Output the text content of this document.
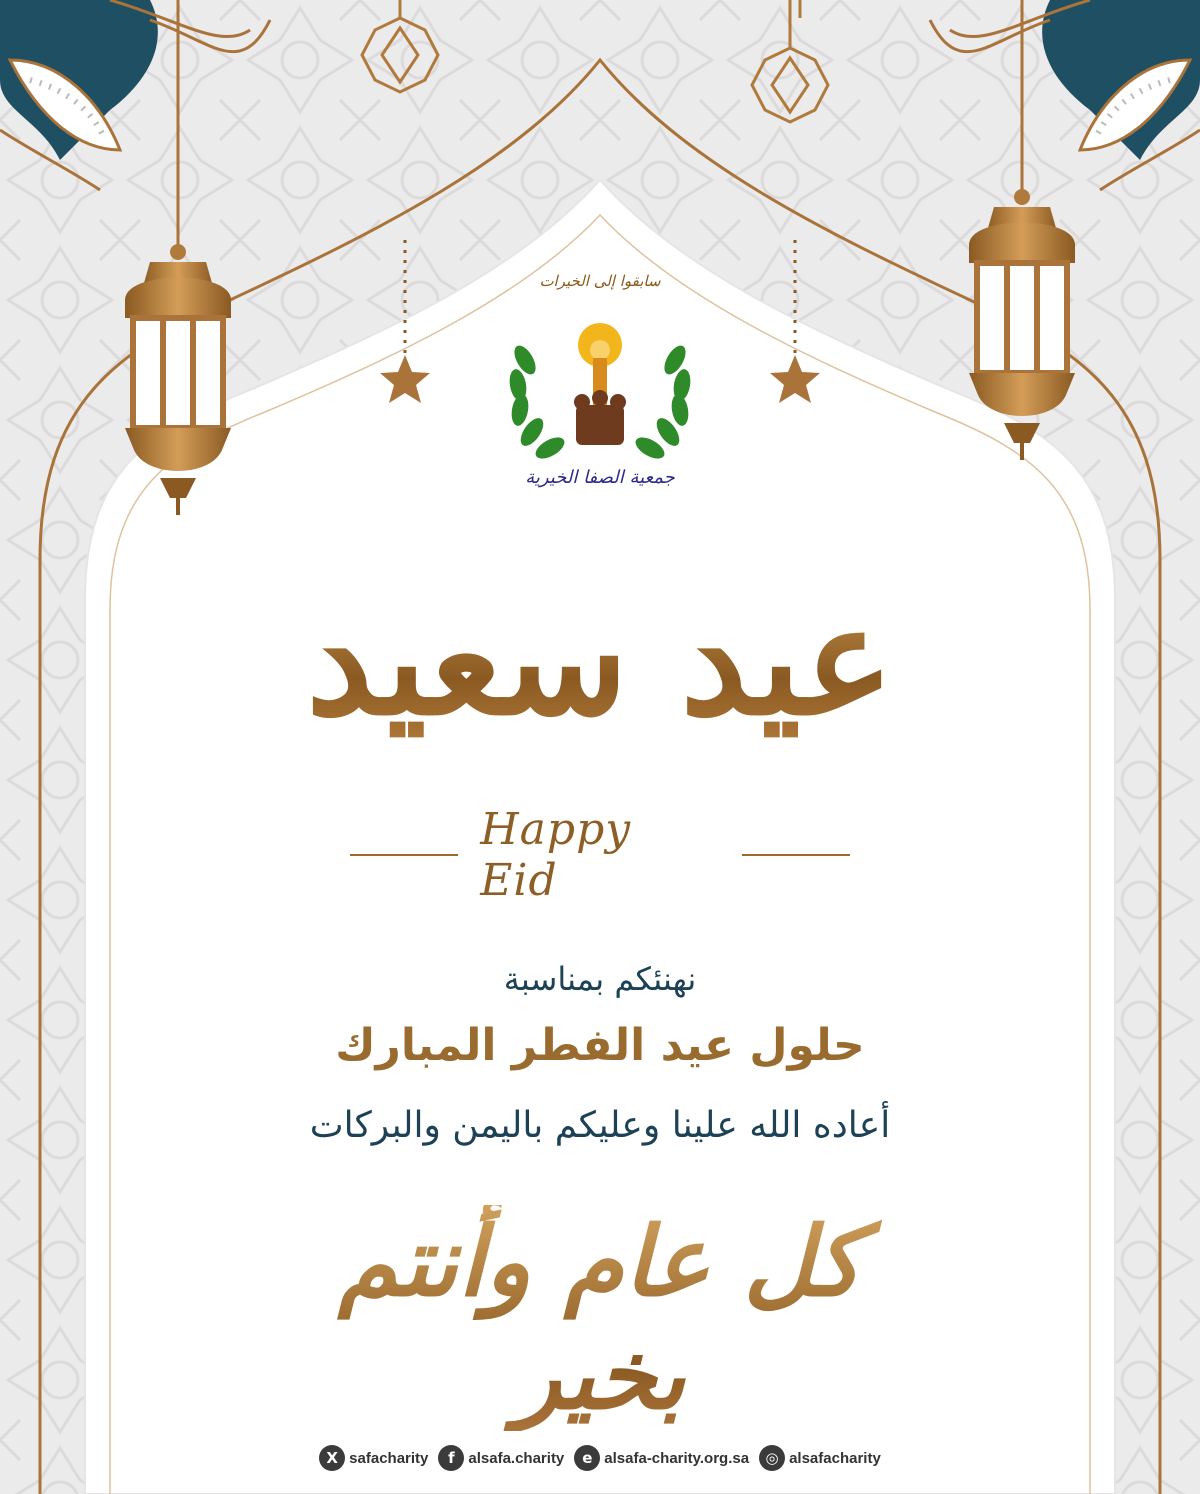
سابقوا إلى الخيرات
جمعية الصفا الخيرية
عيد سعيد
Happy Eid
نهنئكم بمناسبة
حلول عيد الفطر المبارك
أعاده الله علينا وعليكم باليمن والبركات
كل عام وأنتم بخير
X safacharity	f alsafa.charity	e alsafa-charity.org.sa	◎ alsafacharity
